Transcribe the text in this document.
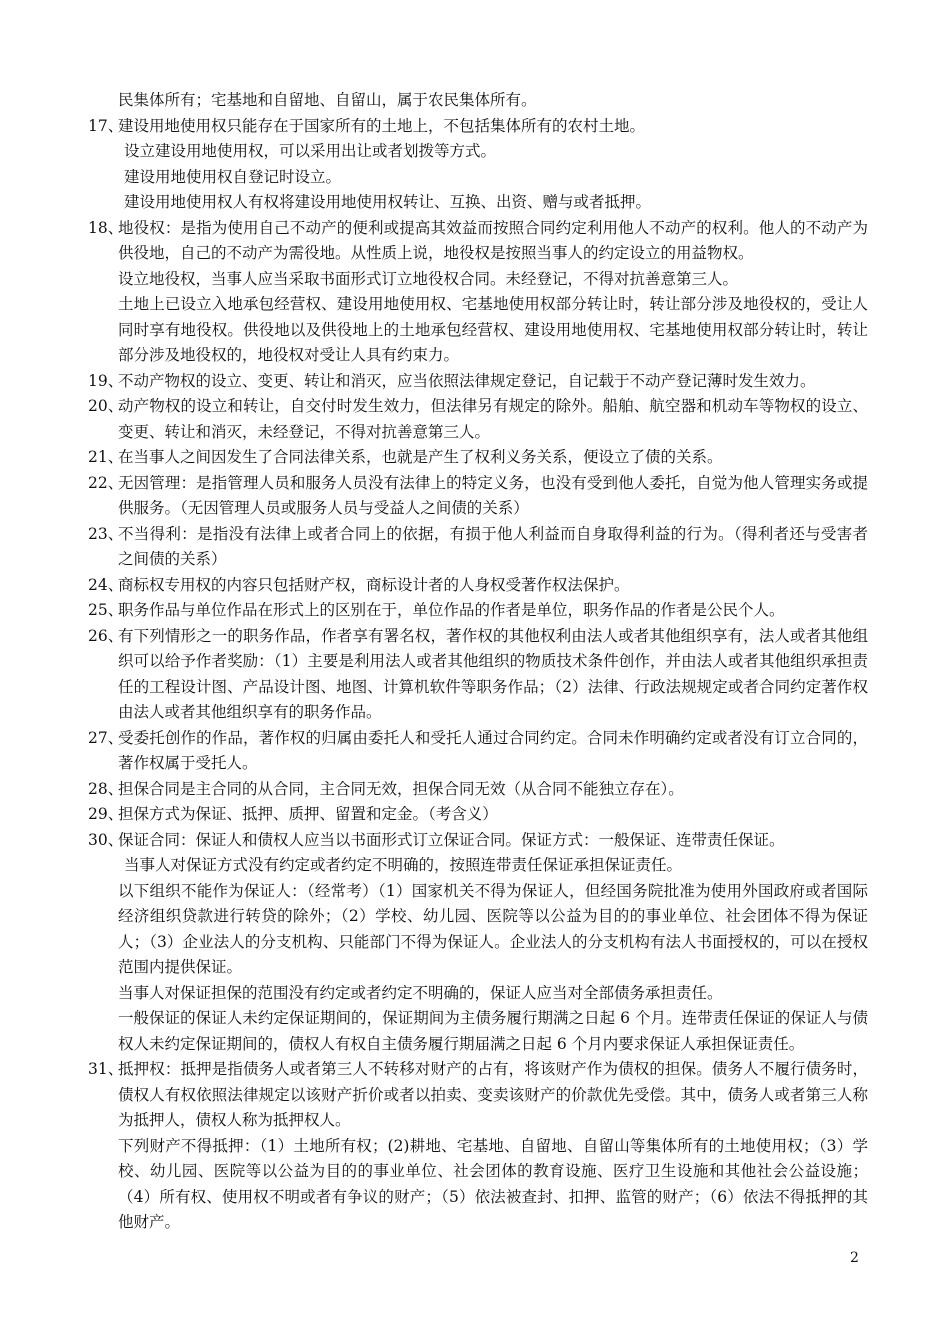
民集体所有；宅基地和自留地、自留山，属于农民集体所有。

17、
建设用地使用权只能存在于国家所有的土地上，不包括集体所有的农村土地。

设立建设用地使用权，可以采用出让或者划拨等方式。

建设用地使用权自登记时设立。

建设用地使用权人有权将建设用地使用权转让、互换、出资、赠与或者抵押。

18、
地役权：是指为使用自己不动产的便利或提高其效益而按照合同约定利用他人不动产的权利。他人的不动产为供役地，自己的不动产为需役地。从性质上说，地役权是按照当事人的约定设立的用益物权。

设立地役权，当事人应当采取书面形式订立地役权合同。未经登记，不得对抗善意第三人。

土地上已设立入地承包经营权、建设用地使用权、宅基地使用权部分转让时，转让部分涉及地役权的，受让人同时享有地役权。供役地以及供役地上的土地承包经营权、建设用地使用权、宅基地使用权部分转让时，转让部分涉及地役权的，地役权对受让人具有约束力。

19、
不动产物权的设立、变更、转让和消灭，应当依照法律规定登记，自记载于不动产登记薄时发生效力。
20、
动产物权的设立和转让，自交付时发生效力，但法律另有规定的除外。船舶、航空器和机动车等物权的设立、变更、转让和消灭，未经登记，不得对抗善意第三人。
21、
在当事人之间因发生了合同法律关系，也就是产生了权利义务关系，便设立了债的关系。
22、
无因管理：是指管理人员和服务人员没有法律上的特定义务，也没有受到他人委托，自觉为他人管理实务或提供服务。（无因管理人员或服务人员与受益人之间债的关系）
23、
不当得利：是指没有法律上或者合同上的依据，有损于他人利益而自身取得利益的行为。（得利者还与受害者之间债的关系）
24、
商标权专用权的内容只包括财产权，商标设计者的人身权受著作权法保护。
25、
职务作品与单位作品在形式上的区别在于，单位作品的作者是单位，职务作品的作者是公民个人。
26、
有下列情形之一的职务作品，作者享有署名权，著作权的其他权利由法人或者其他组织享有，法人或者其他组织可以给予作者奖励：（1）主要是利用法人或者其他组织的物质技术条件创作，并由法人或者其他组织承担责任的工程设计图、产品设计图、地图、计算机软件等职务作品；（2）法律、行政法规规定或者合同约定著作权由法人或者其他组织享有的职务作品。
27、
受委托创作的作品，著作权的归属由委托人和受托人通过合同约定。合同未作明确约定或者没有订立合同的，著作权属于受托人。
28、
担保合同是主合同的从合同，主合同无效，担保合同无效（从合同不能独立存在）。
29、
担保方式为保证、抵押、质押、留置和定金。（考含义）
30、
保证合同：保证人和债权人应当以书面形式订立保证合同。保证方式：一般保证、连带责任保证。

当事人对保证方式没有约定或者约定不明确的，按照连带责任保证承担保证责任。

以下组织不能作为保证人：（经常考）（1）国家机关不得为保证人，但经国务院批准为使用外国政府或者国际经济组织贷款进行转贷的除外；（2）学校、幼儿园、医院等以公益为目的的事业单位、社会团体不得为保证人；（3）企业法人的分支机构、只能部门不得为保证人。企业法人的分支机构有法人书面授权的，可以在授权范围内提供保证。

当事人对保证担保的范围没有约定或者约定不明确的，保证人应当对全部债务承担责任。

一般保证的保证人未约定保证期间的，保证期间为主债务履行期满之日起 6 个月。连带责任保证的保证人与债权人未约定保证期间的，债权人有权自主债务履行期届满之日起 6 个月内要求保证人承担保证责任。

31、
抵押权：抵押是指债务人或者第三人不转移对财产的占有，将该财产作为债权的担保。债务人不履行债务时，债权人有权依照法律规定以该财产折价或者以拍卖、变卖该财产的价款优先受偿。其中，债务人或者第三人称为抵押人，债权人称为抵押权人。

下列财产不得抵押：（1）土地所有权；(2)耕地、宅基地、自留地、自留山等集体所有的土地使用权；（3）学校、幼儿园、医院等以公益为目的的事业单位、社会团体的教育设施、医疗卫生设施和其他社会公益设施；（4）所有权、使用权不明或者有争议的财产；（5）依法被查封、扣押、监管的财产；（6）依法不得抵押的其他财产。

2
